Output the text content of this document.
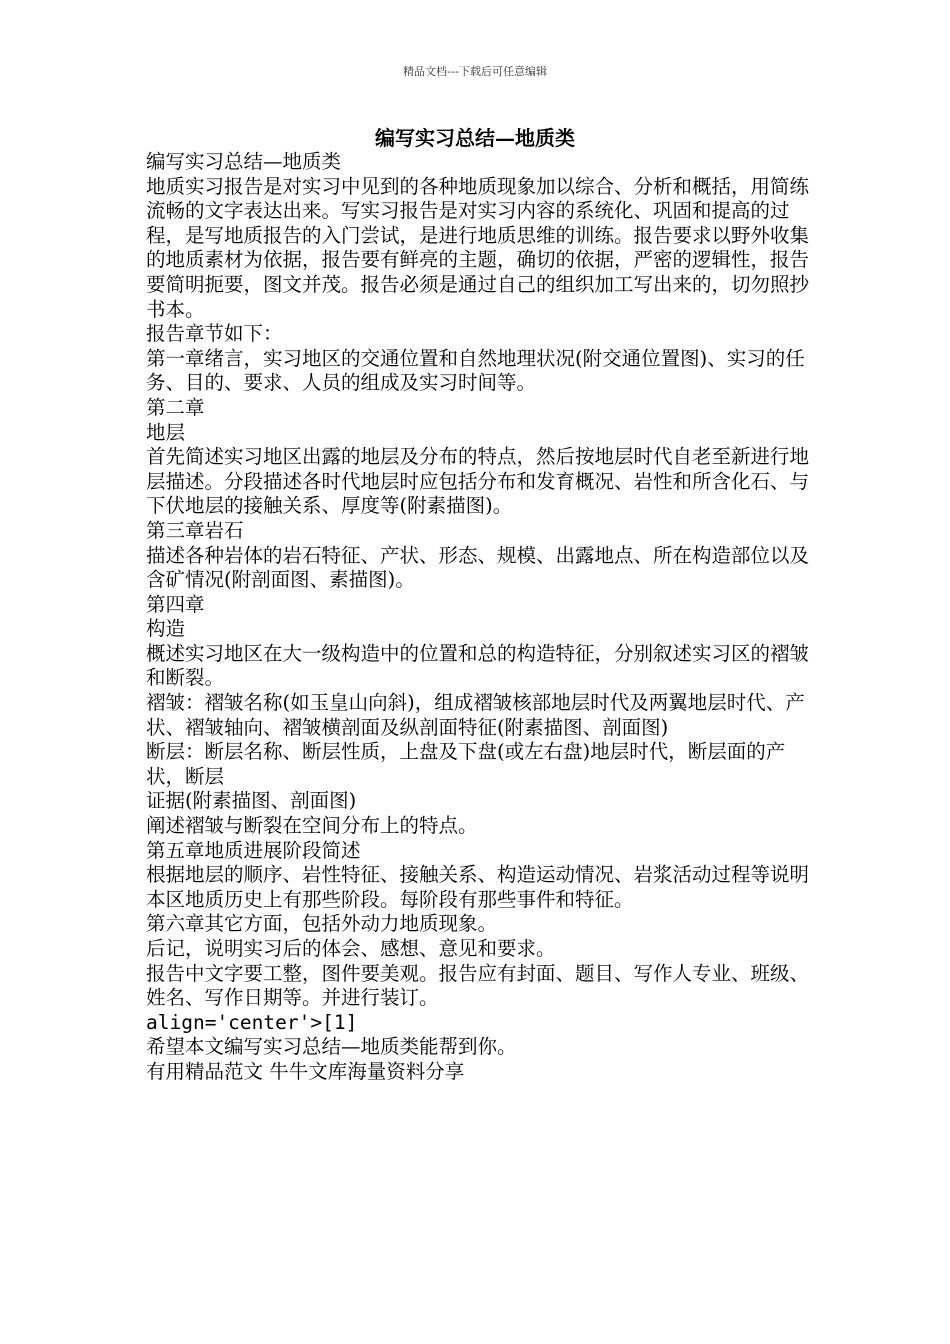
精品文档---下载后可任意编辑
编写实习总结—地质类

编写实习总结—地质类

地质实习报告是对实习中见到的各种地质现象加以综合、分析和概括，用简练流畅的文字表达出来。写实习报告是对实习内容的系统化、巩固和提高的过程，是写地质报告的入门尝试，是进行地质思维的训练。报告要求以野外收集的地质素材为依据，报告要有鲜亮的主题，确切的依据，严密的逻辑性，报告要简明扼要，图文并茂。报告必须是通过自己的组织加工写出来的，切勿照抄书本。

报告章节如下：

第一章绪言，实习地区的交通位置和自然地理状况(附交通位置图)、实习的任务、目的、要求、人员的组成及实习时间等。

第二章

地层

首先简述实习地区出露的地层及分布的特点，然后按地层时代自老至新进行地层描述。分段描述各时代地层时应包括分布和发育概况、岩性和所含化石、与下伏地层的接触关系、厚度等(附素描图)。

第三章岩石

描述各种岩体的岩石特征、产状、形态、规模、出露地点、所在构造部位以及含矿情况(附剖面图、素描图)。

第四章

构造

概述实习地区在大一级构造中的位置和总的构造特征，分别叙述实习区的褶皱和断裂。

褶皱：褶皱名称(如玉皇山向斜)，组成褶皱核部地层时代及两翼地层时代、产状、褶皱轴向、褶皱横剖面及纵剖面特征(附素描图、剖面图)

断层：断层名称、断层性质，上盘及下盘(或左右盘)地层时代，断层面的产状，断层

证据(附素描图、剖面图)

阐述褶皱与断裂在空间分布上的特点。

第五章地质进展阶段简述

根据地层的顺序、岩性特征、接触关系、构造运动情况、岩浆活动过程等说明本区地质历史上有那些阶段。每阶段有那些事件和特征。

第六章其它方面，包括外动力地质现象。

后记，说明实习后的体会、感想、意见和要求。

报告中文字要工整，图件要美观。报告应有封面、题目、写作人专业、班级、姓名、写作日期等。并进行装订。

align='center'>[1]

希望本文编写实习总结—地质类能帮到你。

有用精品范文 牛牛文库海量资料分享
